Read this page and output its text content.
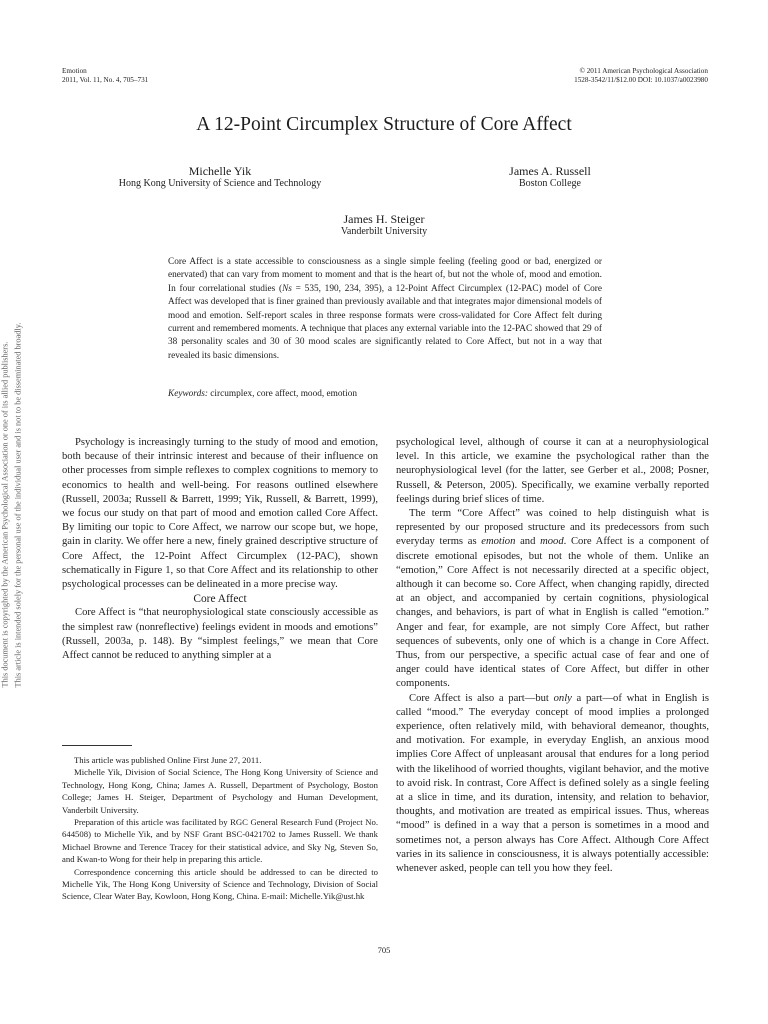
Emotion
2011, Vol. 11, No. 4, 705–731
© 2011 American Psychological Association
1528-3542/11/$12.00 DOI: 10.1037/a0023980
A 12-Point Circumplex Structure of Core Affect
Michelle Yik
Hong Kong University of Science and Technology
James A. Russell
Boston College
James H. Steiger
Vanderbilt University
Core Affect is a state accessible to consciousness as a single simple feeling (feeling good or bad, energized or enervated) that can vary from moment to moment and that is the heart of, but not the whole of, mood and emotion. In four correlational studies (Ns = 535, 190, 234, 395), a 12-Point Affect Circumplex (12-PAC) model of Core Affect was developed that is finer grained than previously available and that integrates major dimensional models of mood and emotion. Self-report scales in three response formats were cross-validated for Core Affect felt during current and remembered moments. A technique that places any external variable into the 12-PAC showed that 29 of 38 personality scales and 30 of 30 mood scales are significantly related to Core Affect, but not in a way that revealed its basic dimensions.
Keywords: circumplex, core affect, mood, emotion
This document is copyrighted by the American Psychological Association or one of its allied publishers. This article is intended solely for the personal use of the individual user and is not to be disseminated broadly.	Psychology is increasingly turning to the study of mood and emotion, both because of their intrinsic interest and because of their influence on other processes from simple reflexes to complex cognitions to memory to economics to health and well-being. For reasons outlined elsewhere (Russell, 2003a; Russell & Barrett, 1999; Yik, Russell, & Barrett, 1999), we focus our study on that part of mood and emotion called Core Affect. By limiting our topic to Core Affect, we narrow our scope but, we hope, gain in clarity. We offer here a new, finely grained descriptive structure of Core Affect, the 12-Point Affect Circumplex (12-PAC), shown schematically in Figure 1, so that Core Affect and its relationship to other psychological processes can be delineated in a more precise way.

Core Affect

Core Affect is “that neurophysiological state consciously accessible as the simplest raw (nonreflective) feelings evident in moods and emotions” (Russell, 2003a, p. 148). By “simplest feelings,” we mean that Core Affect cannot be reduced to anything simpler at a

This article was published Online First June 27, 2011.

Michelle Yik, Division of Social Science, The Hong Kong University of Science and Technology, Hong Kong, China; James A. Russell, Department of Psychology, Boston College; James H. Steiger, Department of Psychology and Human Development, Vanderbilt University.

Preparation of this article was facilitated by RGC General Research Fund (Project No. 644508) to Michelle Yik, and by NSF Grant BSC-0421702 to James Russell. We thank Michael Browne and Terence Tracey for their statistical advice, and Sky Ng, Steven So, and Kwan-to Wong for their help in preparing this article.

Correspondence concerning this article should be addressed to can be directed to Michelle Yik, The Hong Kong University of Science and Technology, Division of Social Science, Clear Water Bay, Kowloon, Hong Kong, China. E-mail: Michelle.Yik@ust.hk

psychological level, although of course it can at a neurophysiological level. In this article, we examine the psychological rather than the neurophysiological level (for the latter, see Gerber et al., 2008; Posner, Russell, & Peterson, 2005). Specifically, we examine verbally reported feelings during brief slices of time.

The term “Core Affect” was coined to help distinguish what is represented by our proposed structure and its predecessors from such everyday terms as emotion and mood. Core Affect is a component of discrete emotional episodes, but not the whole of them. Unlike an “emotion,” Core Affect is not necessarily directed at a specific object, although it can become so. Core Affect, when changing rapidly, directed at an object, and accompanied by certain cognitions, physiological changes, and behaviors, is part of what in English is called “emotion.” Anger and fear, for example, are not simply Core Affect, but rather sequences of subevents, only one of which is a change in Core Affect. Thus, from our perspective, a specific actual case of fear and one of anger could have identical states of Core Affect, but differ in other components.

Core Affect is also a part—but only a part—of what in English is called “mood.” The everyday concept of mood implies a prolonged experience, often relatively mild, with behavioral demeanor, thoughts, and motivation. For example, in everyday English, an anxious mood implies Core Affect of unpleasant arousal that endures for a long period with the likelihood of worried thoughts, vigilant behavior, and the motive to avoid risk. In contrast, Core Affect is defined solely as a single feeling at a slice in time, and its duration, intensity, and relation to behavior, thoughts, and motivation are treated as empirical issues. Thus, whereas “mood” is defined in a way that a person is sometimes in a mood and sometimes not, a person always has Core Affect. Although Core Affect varies in its salience in consciousness, it is always potentially accessible: whenever asked, people can tell you how they feel.

705
